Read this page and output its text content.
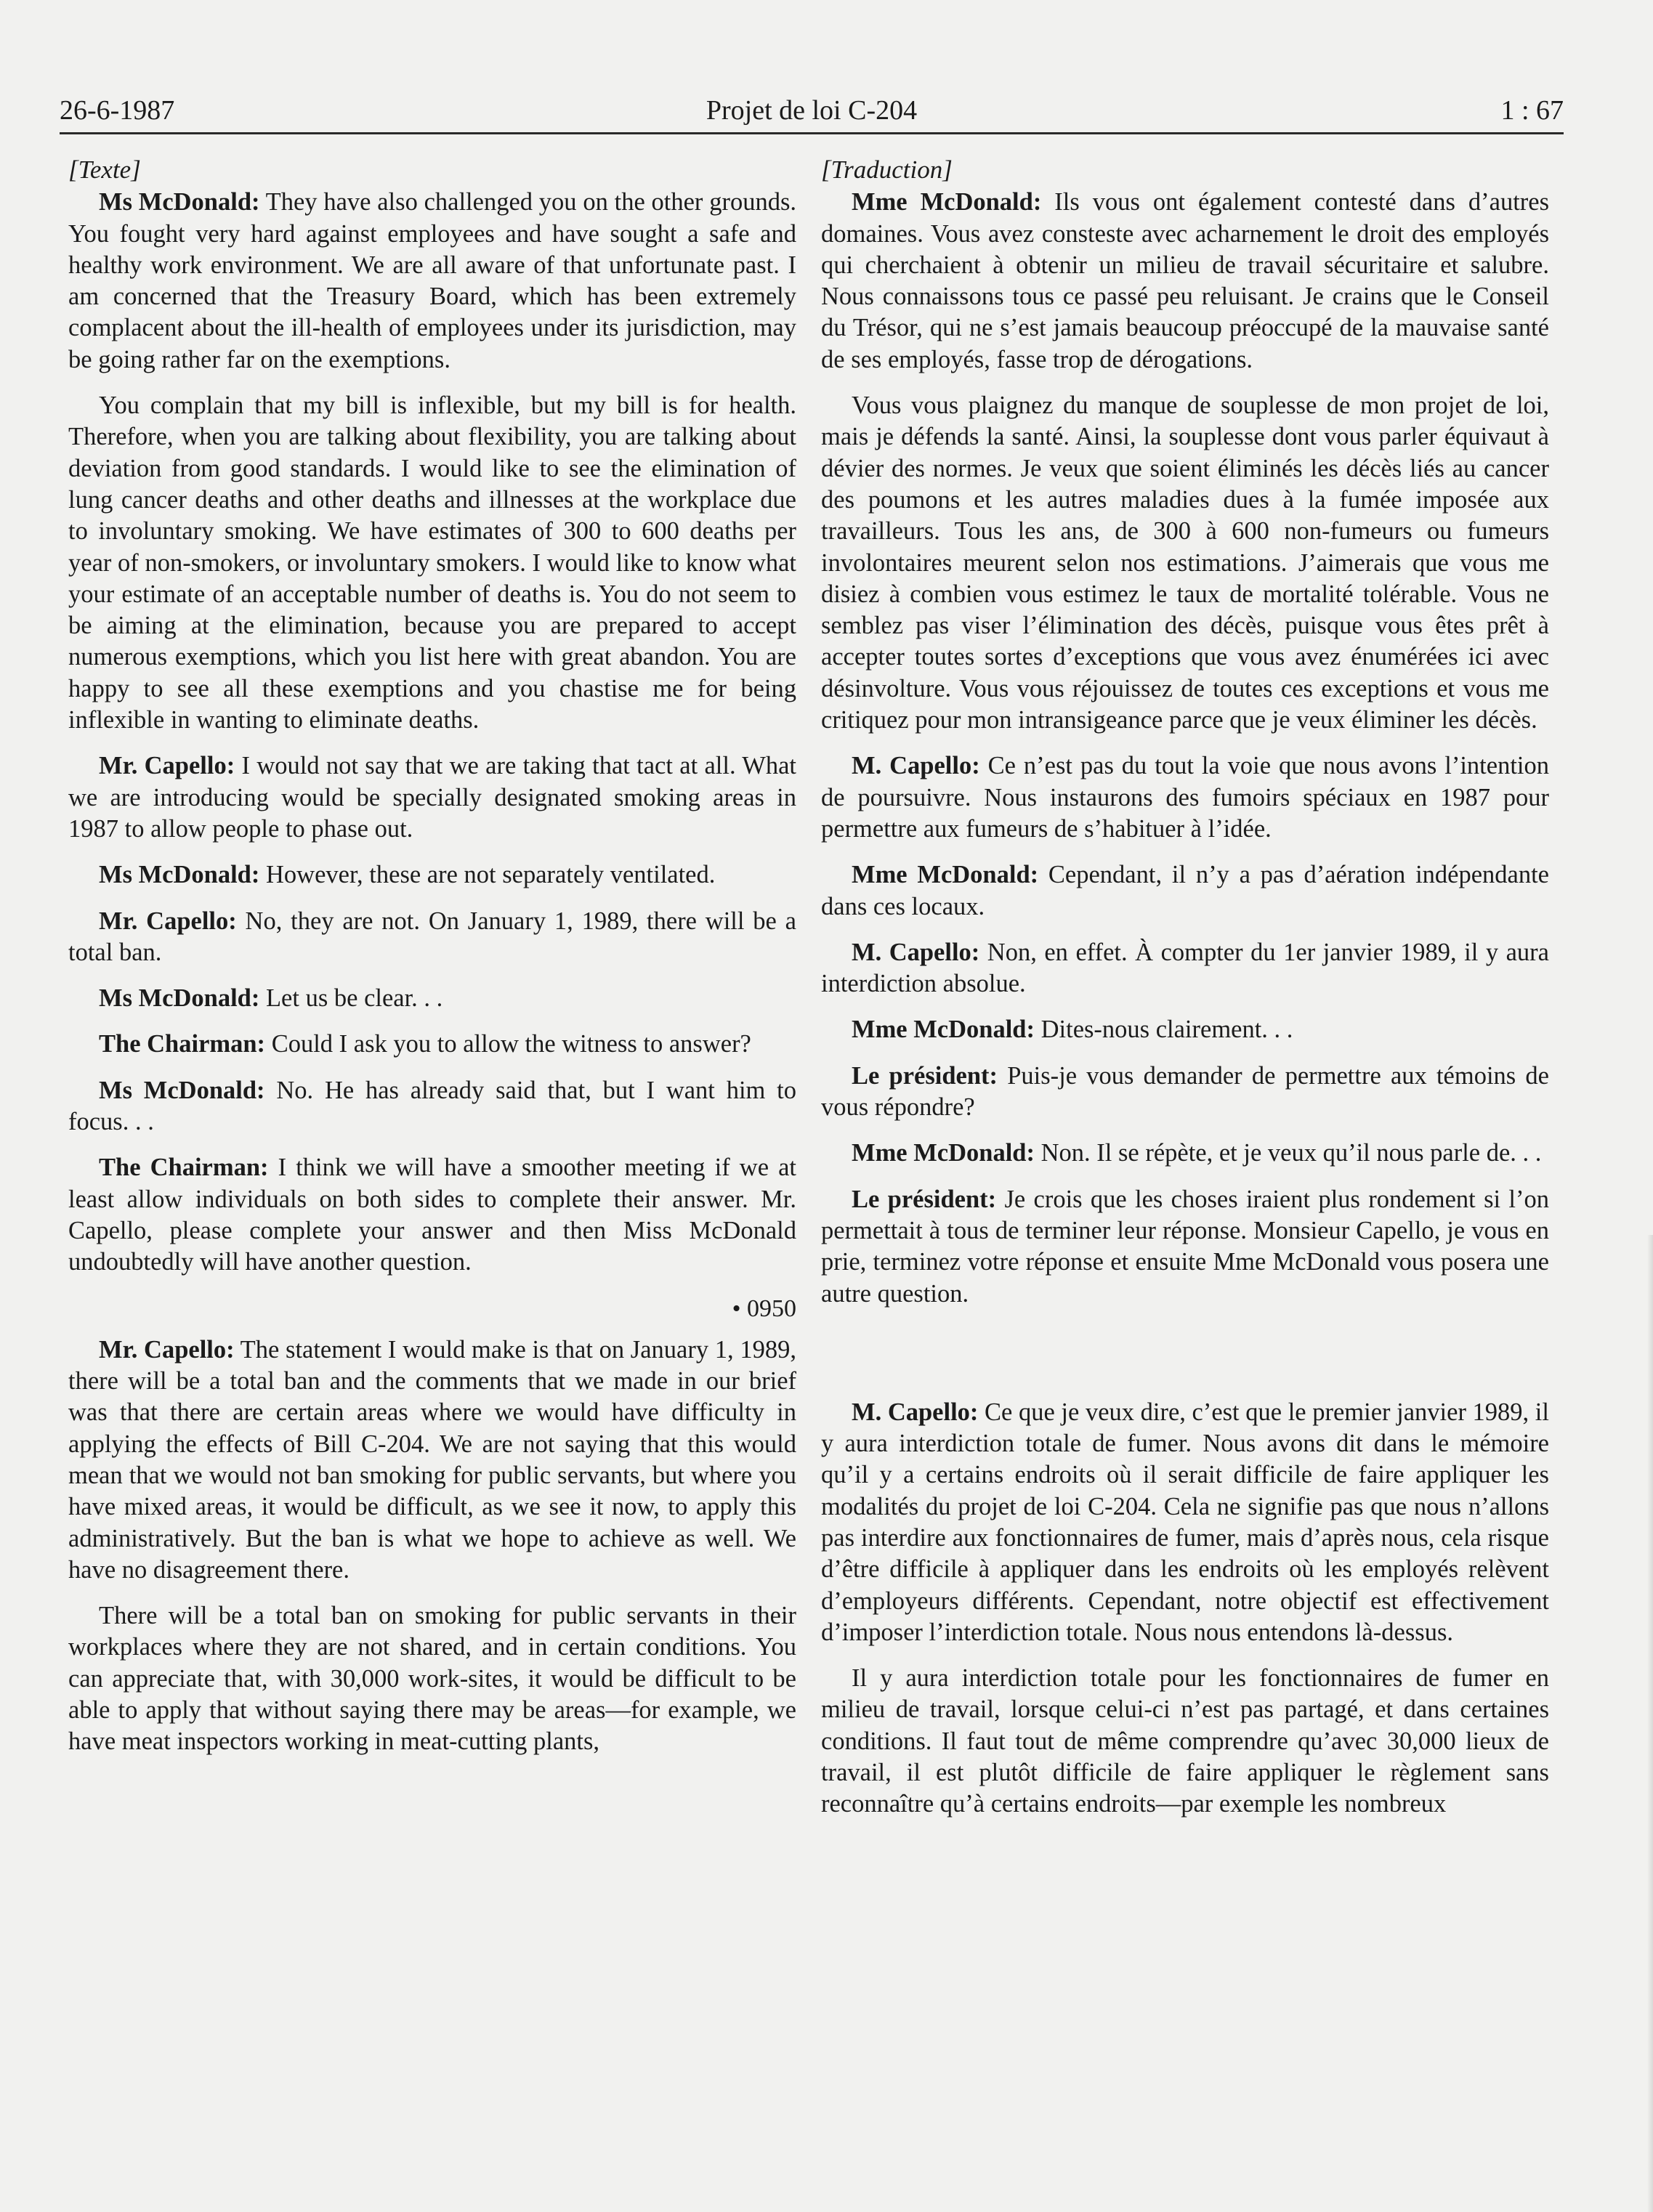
26-6-1987	Projet de loi C-204	1 : 67

[Texte]

Ms McDonald: They have also challenged you on the other grounds. You fought very hard against employees and have sought a safe and healthy work environment. We are all aware of that unfortunate past. I am concerned that the Treasury Board, which has been extremely complacent about the ill-health of employees under its jurisdiction, may be going rather far on the exemptions.

You complain that my bill is inflexible, but my bill is for health. Therefore, when you are talking about flexibility, you are talking about deviation from good standards. I would like to see the elimination of lung cancer deaths and other deaths and illnesses at the workplace due to involuntary smoking. We have estimates of 300 to 600 deaths per year of non-smokers, or involuntary smokers. I would like to know what your estimate of an acceptable number of deaths is. You do not seem to be aiming at the elimination, because you are prepared to accept numerous exemptions, which you list here with great abandon. You are happy to see all these exemptions and you chastise me for being inflexible in wanting to eliminate deaths.

Mr. Capello: I would not say that we are taking that tact at all. What we are introducing would be specially designated smoking areas in 1987 to allow people to phase out.

Ms McDonald: However, these are not separately ventilated.

Mr. Capello: No, they are not. On January 1, 1989, there will be a total ban.

Ms McDonald: Let us be clear. . .

The Chairman: Could I ask you to allow the witness to answer?

Ms McDonald: No. He has already said that, but I want him to focus. . .

The Chairman: I think we will have a smoother meeting if we at least allow individuals on both sides to complete their answer. Mr. Capello, please complete your answer and then Miss McDonald undoubtedly will have another question.

• 0950

Mr. Capello: The statement I would make is that on January 1, 1989, there will be a total ban and the comments that we made in our brief was that there are certain areas where we would have difficulty in applying the effects of Bill C-204. We are not saying that this would mean that we would not ban smoking for public servants, but where you have mixed areas, it would be difficult, as we see it now, to apply this administratively. But the ban is what we hope to achieve as well. We have no disagreement there.

There will be a total ban on smoking for public servants in their workplaces where they are not shared, and in certain conditions. You can appreciate that, with 30,000 work-sites, it would be difficult to be able to apply that without saying there may be areas—for example, we have meat inspectors working in meat-cutting plants,

[Traduction]

Mme McDonald: Ils vous ont également contesté dans d’autres domaines. Vous avez consteste avec acharnement le droit des employés qui cherchaient à obtenir un milieu de travail sécuritaire et salubre. Nous connaissons tous ce passé peu reluisant. Je crains que le Conseil du Trésor, qui ne s’est jamais beaucoup préoccupé de la mauvaise santé de ses employés, fasse trop de dérogations.

Vous vous plaignez du manque de souplesse de mon projet de loi, mais je défends la santé. Ainsi, la souplesse dont vous parler équivaut à dévier des normes. Je veux que soient éliminés les décès liés au cancer des poumons et les autres maladies dues à la fumée imposée aux travailleurs. Tous les ans, de 300 à 600 non-fumeurs ou fumeurs involontaires meurent selon nos estimations. J’aimerais que vous me disiez à combien vous estimez le taux de mortalité tolérable. Vous ne semblez pas viser l’élimination des décès, puisque vous êtes prêt à accepter toutes sortes d’exceptions que vous avez énumérées ici avec désinvolture. Vous vous réjouissez de toutes ces exceptions et vous me critiquez pour mon intransigeance parce que je veux éliminer les décès.

M. Capello: Ce n’est pas du tout la voie que nous avons l’intention de poursuivre. Nous instaurons des fumoirs spéciaux en 1987 pour permettre aux fumeurs de s’habituer à l’idée.

Mme McDonald: Cependant, il n’y a pas d’aération indépendante dans ces locaux.

M. Capello: Non, en effet. À compter du 1er janvier 1989, il y aura interdiction absolue.

Mme McDonald: Dites-nous clairement. . .

Le président: Puis-je vous demander de permettre aux témoins de vous répondre?

Mme McDonald: Non. Il se répète, et je veux qu’il nous parle de. . .

Le président: Je crois que les choses iraient plus rondement si l’on permettait à tous de terminer leur réponse. Monsieur Capello, je vous en prie, terminez votre réponse et ensuite Mme McDonald vous posera une autre question.

M. Capello: Ce que je veux dire, c’est que le premier janvier 1989, il y aura interdiction totale de fumer. Nous avons dit dans le mémoire qu’il y a certains endroits où il serait difficile de faire appliquer les modalités du projet de loi C-204. Cela ne signifie pas que nous n’allons pas interdire aux fonctionnaires de fumer, mais d’après nous, cela risque d’être difficile à appliquer dans les endroits où les employés relèvent d’employeurs différents. Cependant, notre objectif est effectivement d’imposer l’interdiction totale. Nous nous entendons là-dessus.

Il y aura interdiction totale pour les fonctionnaires de fumer en milieu de travail, lorsque celui-ci n’est pas partagé, et dans certaines conditions. Il faut tout de même comprendre qu’avec 30,000 lieux de travail, il est plutôt difficile de faire appliquer le règlement sans reconnaître qu’à certains endroits—par exemple les nombreux
